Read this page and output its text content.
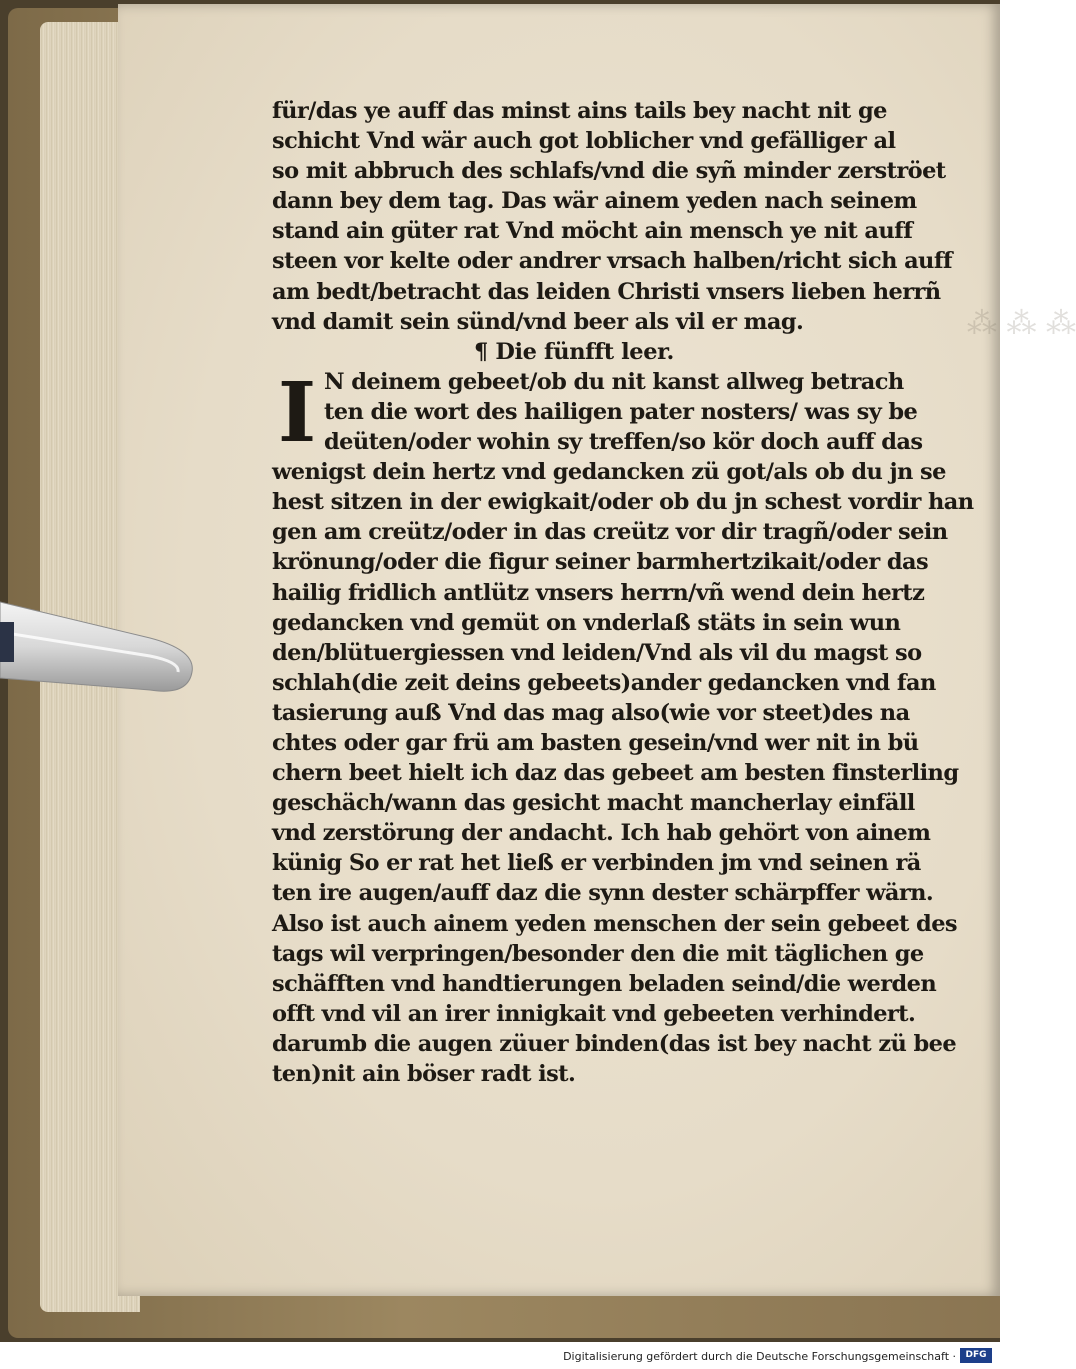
⁂ ⁂ ⁂
für/das ye auff das minst ains tails bey nacht nit ge
schicht Vnd wär auch got loblicher vnd gefälliger al
so mit abbruch des schlafs/vnd die syñ minder zerströet
dann bey dem tag. Das wär ainem yeden nach seinem
stand ain güter rat Vnd möcht ain mensch ye nit auff
steen vor kelte oder andrer vrsach halben/richt sich auff
am bedt/betracht das leiden Christi vnsers lieben herrñ
vnd damit sein sünd/vnd beer als vil er mag.
¶ Die fünfft leer.
I N deinem gebeet/ob du nit kanst allweg betrach
ten die wort des hailigen pater nosters/ was sy be
deüten/oder wohin sy treffen/so kör doch auff das
wenigst dein hertz vnd gedancken zü got/als ob du jn se
hest sitzen in der ewigkait/oder ob du jn schest vordir han
gen am creütz/oder in das creütz vor dir tragñ/oder sein
krönung/oder die figur seiner barmhertzikait/oder das
hailig fridlich antlütz vnsers herrn/vñ wend dein hertz
gedancken vnd gemüt on vnderlaß stäts in sein wun
den/blütuergiessen vnd leiden/Vnd als vil du magst so
schlah(die zeit deins gebeets)ander gedancken vnd fan
tasierung auß Vnd das mag also(wie vor steet)des na
chtes oder gar frü am basten gesein/vnd wer nit in bü
chern beet hielt ich daz das gebeet am besten finsterling
geschäch/wann das gesicht macht mancherlay einfäll
vnd zerstörung der andacht. Ich hab gehört von ainem
künig So er rat het ließ er verbinden jm vnd seinen rä
ten ire augen/auff daz die synn dester schärpffer wärn.
Also ist auch ainem yeden menschen der sein gebeet des
tags wil verpringen/besonder den die mit täglichen ge
schäfften vnd handtierungen beladen seind/die werden
offt vnd vil an irer innigkait vnd gebeeten verhindert.
darumb die augen züuer binden(das ist bey nacht zü bee
ten)nit ain böser radt ist.
Digitalisierung gefördert durch die Deutsche Forschungsgemeinschaft ·	DFG
